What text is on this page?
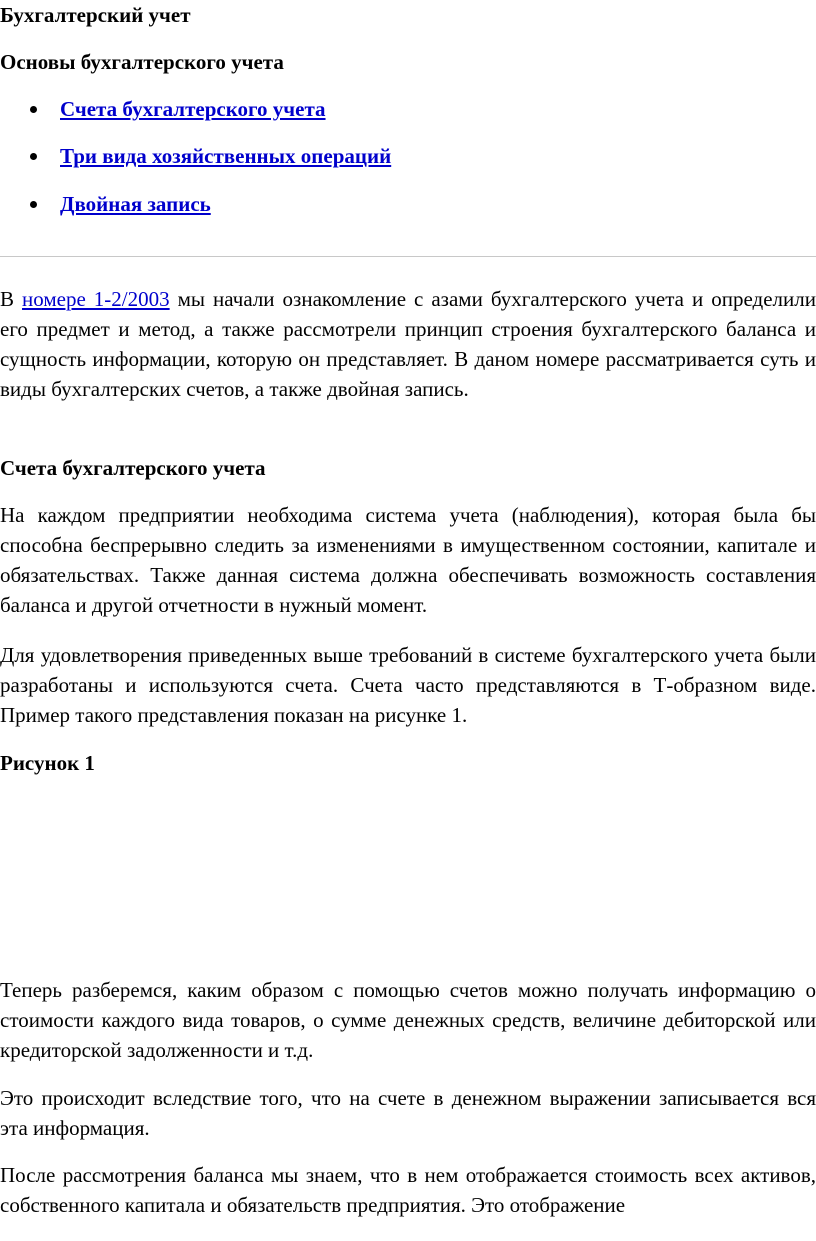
Бухгалтерский учет
Основы бухгалтерского учета
Счета бухгалтерского учета
Три вида хозяйственных операций
Двойная запись

В номере 1-2/2003 мы начали ознакомление с азами бухгалтерского учета и определили его предмет и метод, а также рассмотрели принцип строения бухгалтерского баланса и сущность информации, которую он представляет. В даном номере рассматривается суть и виды бухгалтерских счетов, а также двойная запись.

Счета бухгалтерского учета

На каждом предприятии необходима система учета (наблюдения), которая была бы способна беспрерывно следить за изменениями в имущественном состоянии, капитале и обязательствах. Также данная система должна обеспечивать возможность составления баланса и другой отчетности в нужный момент.

Для удовлетворения приведенных выше требований в системе бухгалтерского учета были разработаны и используются счета. Счета часто представляются в Т-образном виде. Пример такого представления показан на рисунке 1.

Рисунок 1

Теперь разберемся, каким образом с помощью счетов можно получать информацию о стоимости каждого вида товаров, о сумме денежных средств, величине дебиторской или кредиторской задолженности и т.д.

Это происходит вследствие того, что на счете в денежном выражении записывается вся эта информация.

После рассмотрения баланса мы знаем, что в нем отображается стоимость всех активов, собственного капитала и обязательств предприятия. Это отображение
